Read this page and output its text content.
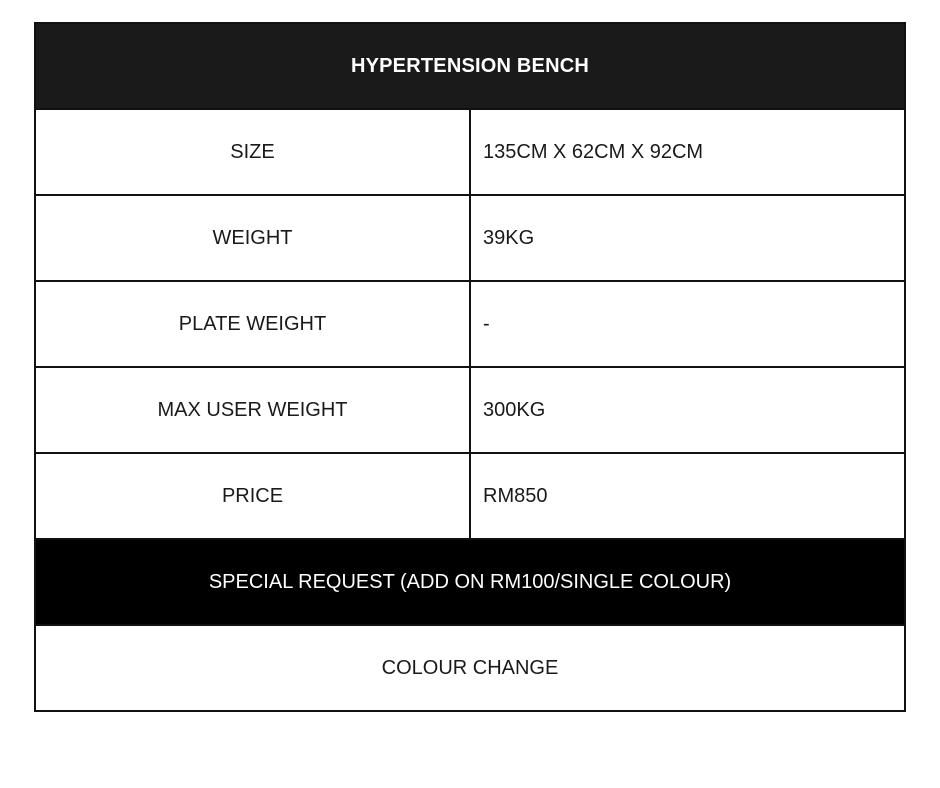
HYPERTENSION BENCH	
SIZE	135CM X 62CM X 92CM
WEIGHT	39KG
PLATE WEIGHT	-
MAX USER WEIGHT	300KG
PRICE	RM850
SPECIAL REQUEST (ADD ON RM100/SINGLE COLOUR)	
COLOUR CHANGE	
